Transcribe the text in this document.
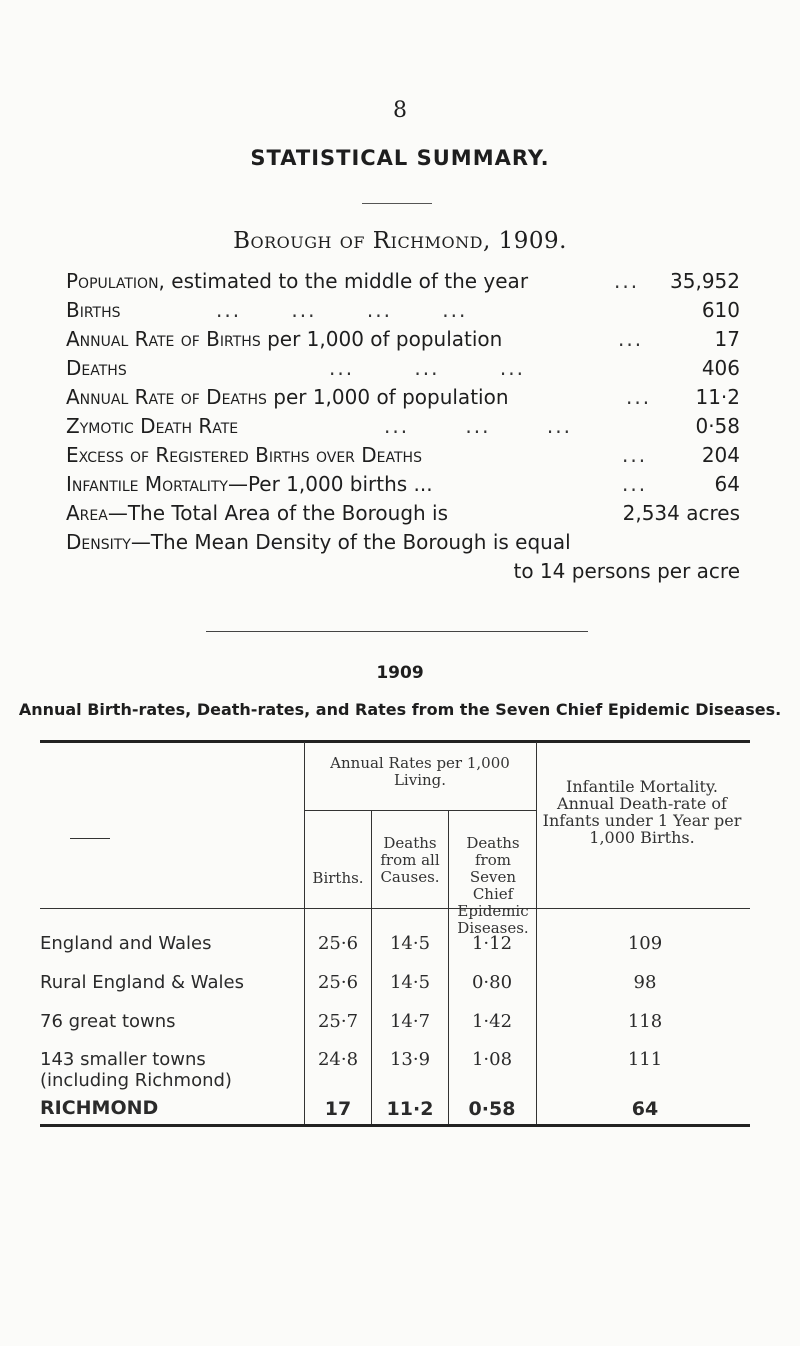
8
STATISTICAL SUMMARY.
Borough of Richmond, 1909.
Population, estimated to the middle of the year	... 35,952
Births	... ... ... ...	610
Annual Rate of Births per 1,000 of population	...	17
Deaths	... ... ...	406
Annual Rate of Deaths per 1,000 of population	... 11·2
Zymotic Death Rate	... ... ...	0·58
Excess of Registered Births over Deaths	...	204
Infantile Mortality—Per 1,000 births ...	...	64
Area—The Total Area of the Borough is	2,534 acres
Density—The Mean Density of the Borough is equal
to 14 persons per acre
1909
Annual Birth-rates, Death-rates, and Rates from the Seven Chief Epidemic Diseases.
Annual Rates per 1,000 Living.
Births.
Deaths from all Causes.
Deaths from Seven Chief Epidemic Diseases.
Infantile Mortality. Annual Death-rate of Infants under 1 Year per 1,000 Births.
England and Wales	25·6	14·5	1·12	109
Rural England & Wales	25·6	14·5	0·80	98
76 great towns	25·7	14·7	1·42	118
143 smaller towns
(including Richmond)
24·8	13·9	1·08	111
RICHMOND	17	11·2	0·58	64
